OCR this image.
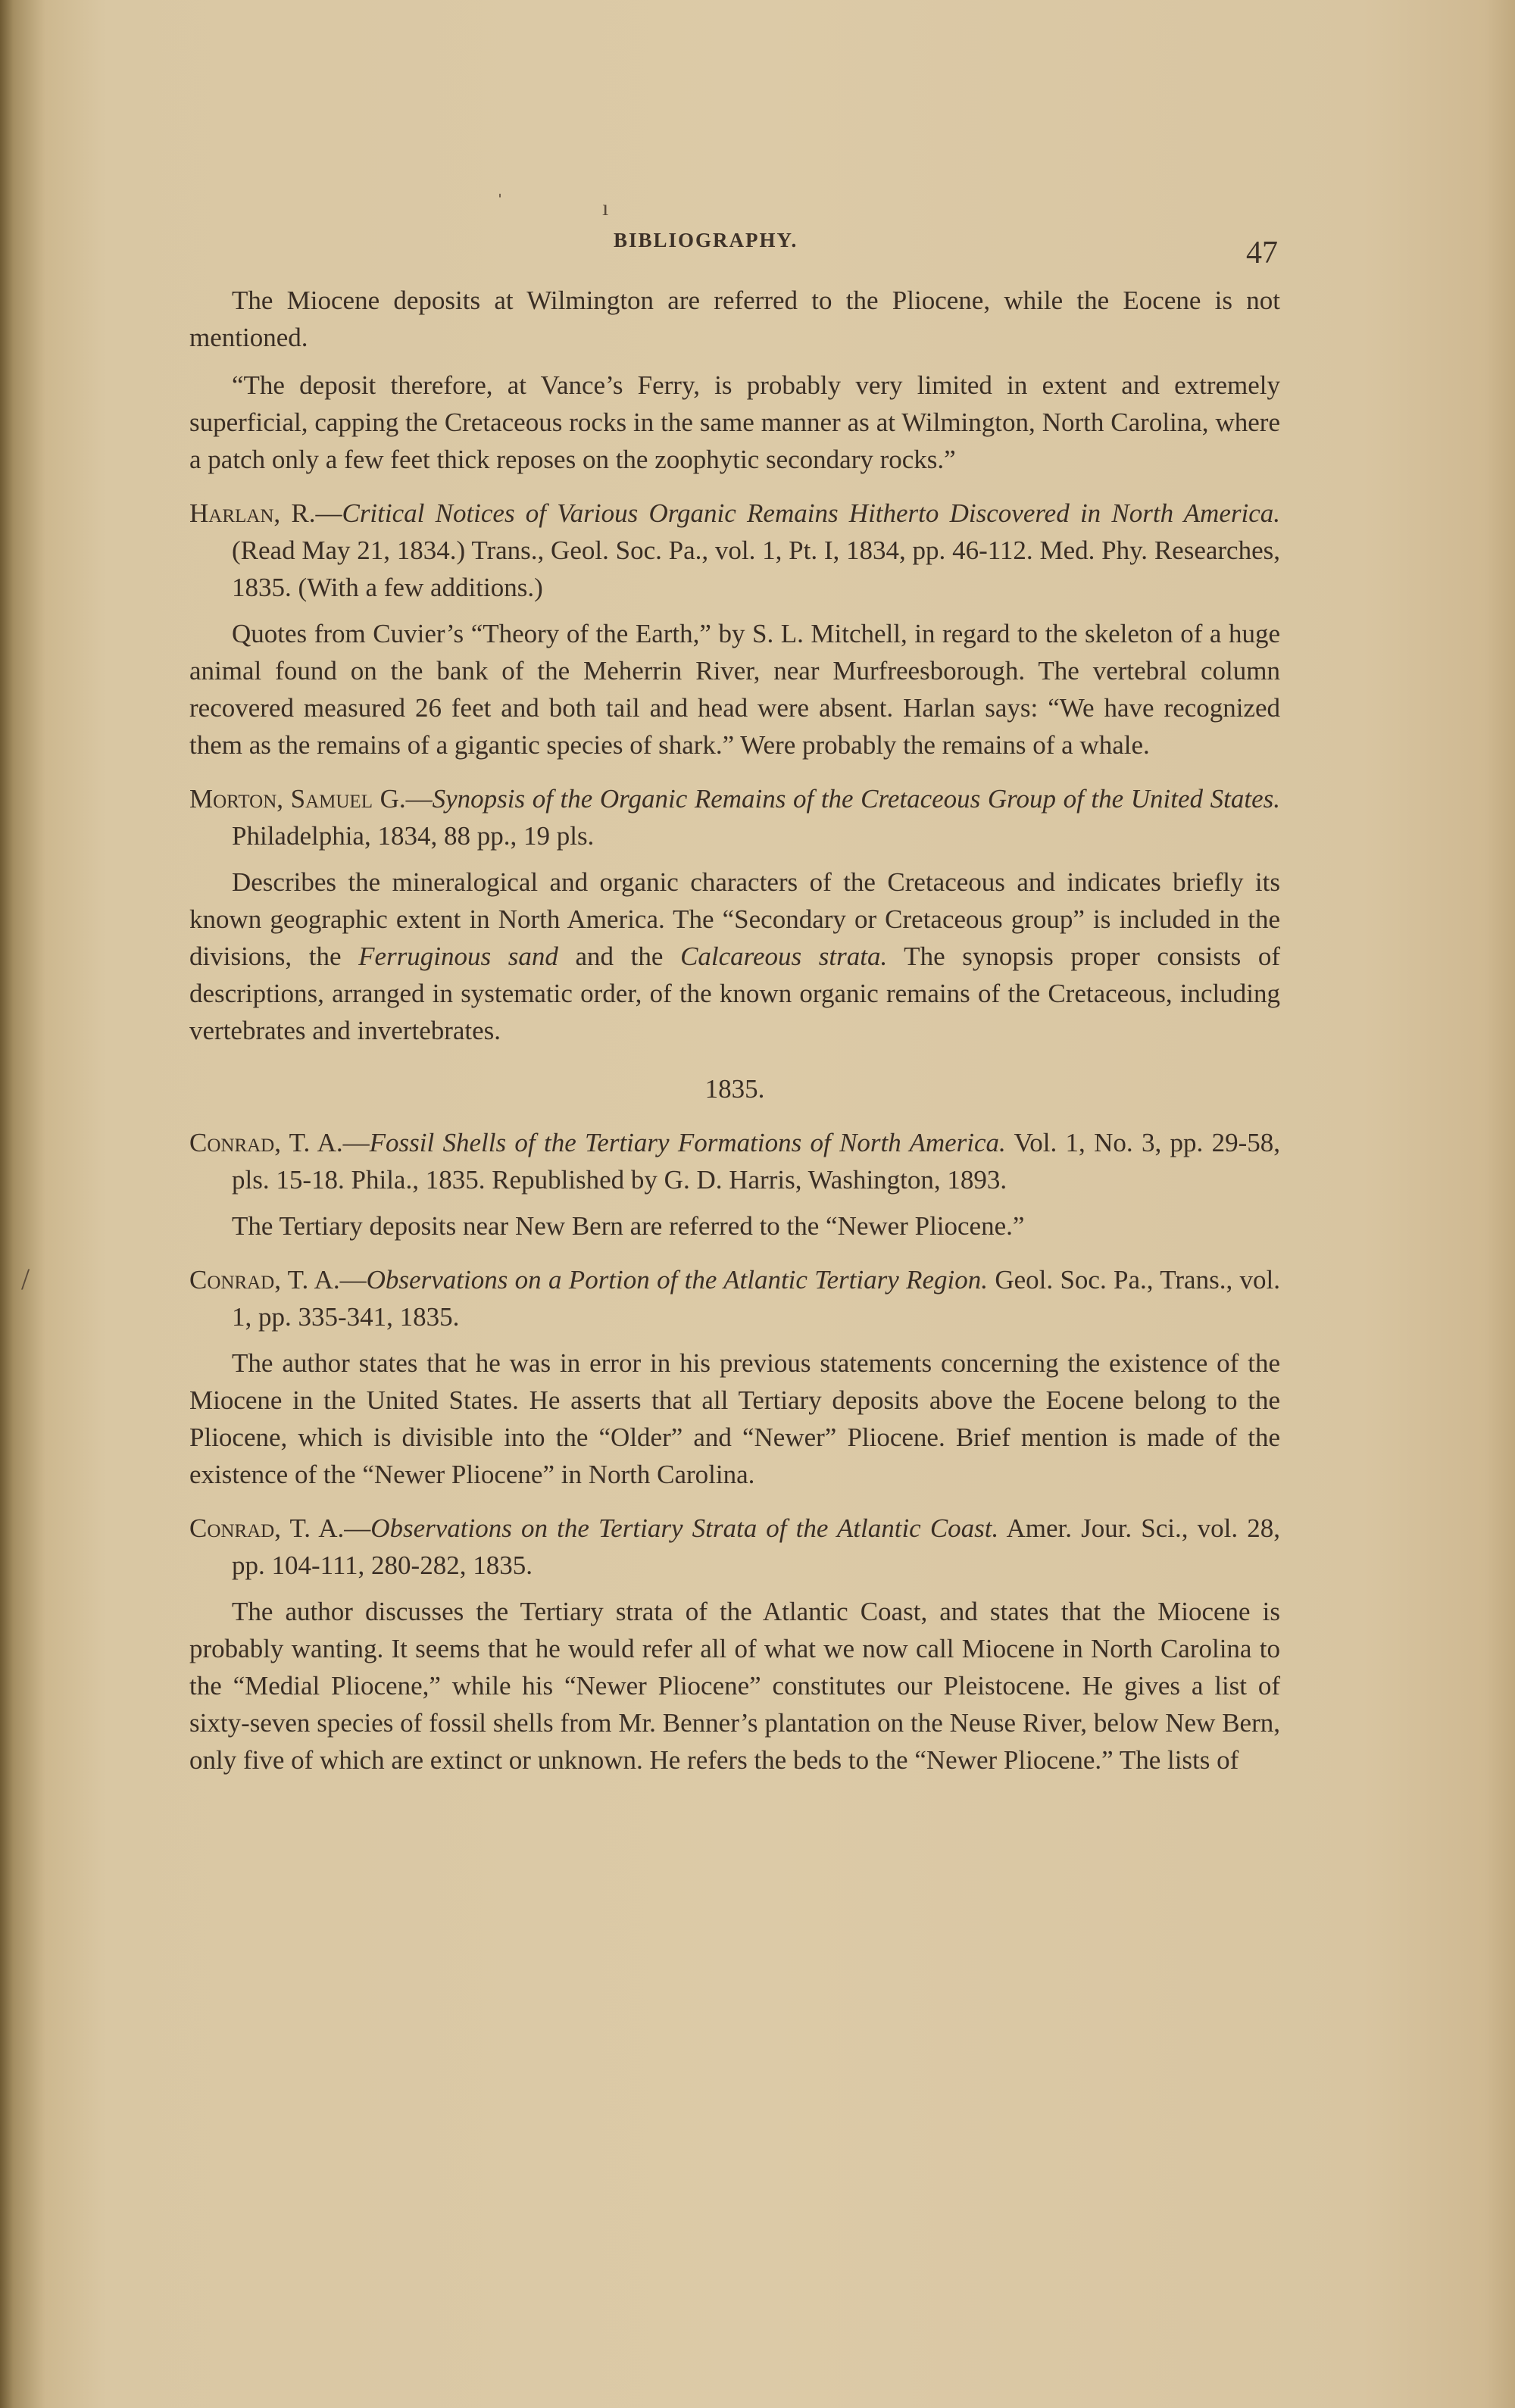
ˌ
ı
/
BIBLIOGRAPHY.	47

The Miocene deposits at Wilmington are referred to the Pliocene, while the Eocene is not mentioned.

“The deposit therefore, at Vance’s Ferry, is probably very limited in extent and extremely superficial, capping the Cretaceous rocks in the same manner as at Wilmington, North Carolina, where a patch only a few feet thick reposes on the zoophytic secondary rocks.”

Harlan, R.—Critical Notices of Various Organic Remains Hitherto Discovered in North America. (Read May 21, 1834.) Trans., Geol. Soc. Pa., vol. 1, Pt. I, 1834, pp. 46-112. Med. Phy. Researches, 1835. (With a few additions.)

Quotes from Cuvier’s “Theory of the Earth,” by S. L. Mitchell, in regard to the skeleton of a huge animal found on the bank of the Meherrin River, near Murfreesborough. The vertebral column recovered measured 26 feet and both tail and head were absent. Harlan says: “We have recognized them as the remains of a gigantic species of shark.” Were probably the remains of a whale.

Morton, Samuel G.—Synopsis of the Organic Remains of the Cretaceous Group of the United States. Philadelphia, 1834, 88 pp., 19 pls.

Describes the mineralogical and organic characters of the Cretaceous and indicates briefly its known geographic extent in North America. The “Secondary or Cretaceous group” is included in the divisions, the Ferruginous sand and the Calcareous strata. The synopsis proper consists of descriptions, arranged in systematic order, of the known organic remains of the Cretaceous, including vertebrates and invertebrates.

1835.

Conrad, T. A.—Fossil Shells of the Tertiary Formations of North America. Vol. 1, No. 3, pp. 29-58, pls. 15-18. Phila., 1835. Republished by G. D. Harris, Washington, 1893.

The Tertiary deposits near New Bern are referred to the “Newer Pliocene.”

Conrad, T. A.—Observations on a Portion of the Atlantic Tertiary Region. Geol. Soc. Pa., Trans., vol. 1, pp. 335-341, 1835.

The author states that he was in error in his previous statements concerning the existence of the Miocene in the United States. He asserts that all Tertiary deposits above the Eocene belong to the Pliocene, which is divisible into the “Older” and “Newer” Pliocene. Brief mention is made of the existence of the “Newer Pliocene” in North Carolina.

Conrad, T. A.—Observations on the Tertiary Strata of the Atlantic Coast. Amer. Jour. Sci., vol. 28, pp. 104-111, 280-282, 1835.

The author discusses the Tertiary strata of the Atlantic Coast, and states that the Miocene is probably wanting. It seems that he would refer all of what we now call Miocene in North Carolina to the “Medial Pliocene,” while his “Newer Pliocene” constitutes our Pleistocene. He gives a list of sixty-seven species of fossil shells from Mr. Benner’s plantation on the Neuse River, below New Bern, only five of which are extinct or unknown. He refers the beds to the “Newer Pliocene.” The lists of
